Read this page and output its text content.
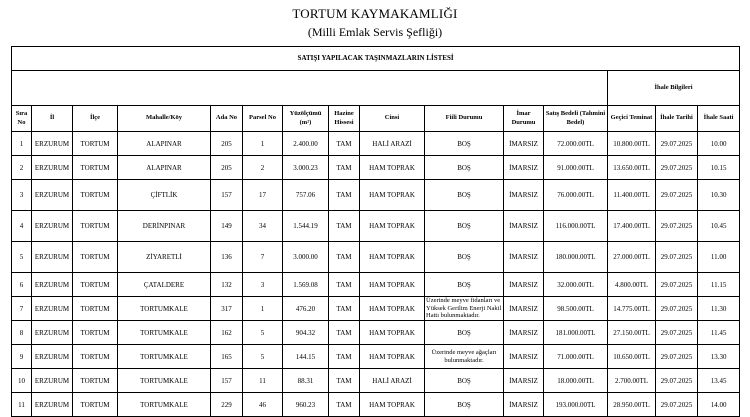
TORTUM KAYMAKAMLIĞI
(Milli Emlak Servis Şefliği)
SATIŞI YAPILACAK TAŞINMAZLARIN LİSTESİ														
												İhale Bilgileri		

Sıra No	İl	İlçe	Mahalle/Köy	Ada No	Parsel No	Yüzölçümü (m²)	Hazine Hissesi	Cinsi	Fiili Durumu	İmar Durumu	Satış Bedeli (Tahmini Bedel)	Geçici Teminat	İhale Tarihi	İhale Saati
1	ERZURUM	TORTUM	ALAPINAR	205	1	2.400.00	TAM	HALİ ARAZİ	BOŞ	İMARSIZ	72.000.00TL	10.800.00TL	29.07.2025	10.00
2	ERZURUM	TORTUM	ALAPINAR	205	2	3.000.23	TAM	HAM TOPRAK	BOŞ	İMARSIZ	91.000.00TL	13.650.00TL	29.07.2025	10.15
3	ERZURUM	TORTUM	ÇİFTLİK	157	17	757.06	TAM	HAM TOPRAK	BOŞ	İMARSIZ	76.000.00TL	11.400.00TL	29.07.2025	10.30
4	ERZURUM	TORTUM	DERİNPINAR	149	34	1.544.19	TAM	HAM TOPRAK	BOŞ	İMARSIZ	116.000.00TL	17.400.00TL	29.07.2025	10.45
5	ERZURUM	TORTUM	ZİYARETLİ	136	7	3.000.00	TAM	HAM TOPRAK	BOŞ	İMARSIZ	180.000.00TL	27.000.00TL	29.07.2025	11.00
6	ERZURUM	TORTUM	ÇATALDERE	132	3	1.569.08	TAM	HAM TOPRAK	BOŞ	İMARSIZ	32.000.00TL	4.800.00TL	29.07.2025	11.15
7	ERZURUM	TORTUM	TORTUMKALE	317	1	476.20	TAM	HAM TOPRAK	Üzerinde meyve fidanları ve Yüksek Gerilim Enerji Nakil Hattı bulunmaktadır.	İMARSIZ	98.500.00TL	14.775.00TL	29.07.2025	11.30
8	ERZURUM	TORTUM	TORTUMKALE	162	5	904.32	TAM	HAM TOPRAK	BOŞ	İMARSIZ	181.000.00TL	27.150.00TL	29.07.2025	11.45
9	ERZURUM	TORTUM	TORTUMKALE	165	5	144.15	TAM	HAM TOPRAK	Üzerinde meyve ağaçları bulunmaktadır.	İMARSIZ	71.000.00TL	10.650.00TL	29.07.2025	13.30
10	ERZURUM	TORTUM	TORTUMKALE	157	11	88.31	TAM	HALİ ARAZİ	BOŞ	İMARSIZ	18.000.00TL	2.700.00TL	29.07.2025	13.45
11	ERZURUM	TORTUM	TORTUMKALE	229	46	960.23	TAM	HAM TOPRAK	BOŞ	İMARSIZ	193.000.00TL	28.950.00TL	29.07.2025	14.00
